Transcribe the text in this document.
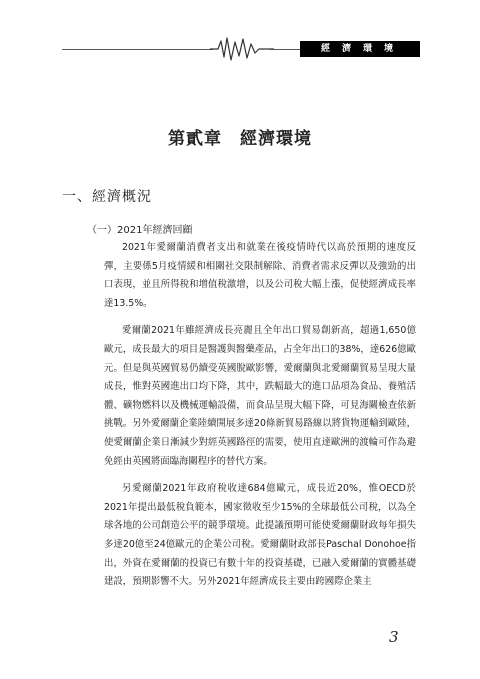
經濟環境
第貳章　經濟環境
一、經濟概況
（一）2021年經濟回顧

2021年愛爾蘭消費者支出和就業在後疫情時代以高於預期的速度反彈，主要係5月疫情緩和相關社交限制解除、消費者需求反彈以及強勁的出口表現，並且所得稅和增值稅激增，以及公司稅大幅上漲，促使經濟成長率達13.5%。

愛爾蘭2021年雖經濟成長亮麗且全年出口貿易創新高，超過1,650億歐元，成長最大的項目是醫護與醫藥產品，占全年出口的38%，達626億歐元。但是與英國貿易仍續受英國脫歐影響，愛爾蘭與北愛爾蘭貿易呈現大量成長，惟對英國進出口均下降，其中，跌幅最大的進口品項為食品、養殖活體、礦物燃料以及機械運輸設備，而食品呈現大幅下降，可見海關檢查依新挑戰。另外愛爾蘭企業陸續開展多達20條新貿易路線以將貨物運輸到歐陸，使愛爾蘭企業日漸減少對經英國路徑的需要，使用直達歐洲的渡輪可作為避免經由英國將面臨海關程序的替代方案。

另愛爾蘭2021年政府稅收達684億歐元，成長近20%，惟OECD於2021年提出最低稅負範本，國家徵收至少15%的全球最低公司稅，以為全球各地的公司創造公平的競爭環境。此提議預期可能使愛爾蘭財政每年損失多達20億至24億歐元的企業公司稅。愛爾蘭財政部長Paschal Donohoe指出，外資在愛爾蘭的投資已有數十年的投資基礎，已融入愛爾蘭的實體基礎建設，預期影響不大。另外2021年經濟成長主要由跨國際企業主

3
